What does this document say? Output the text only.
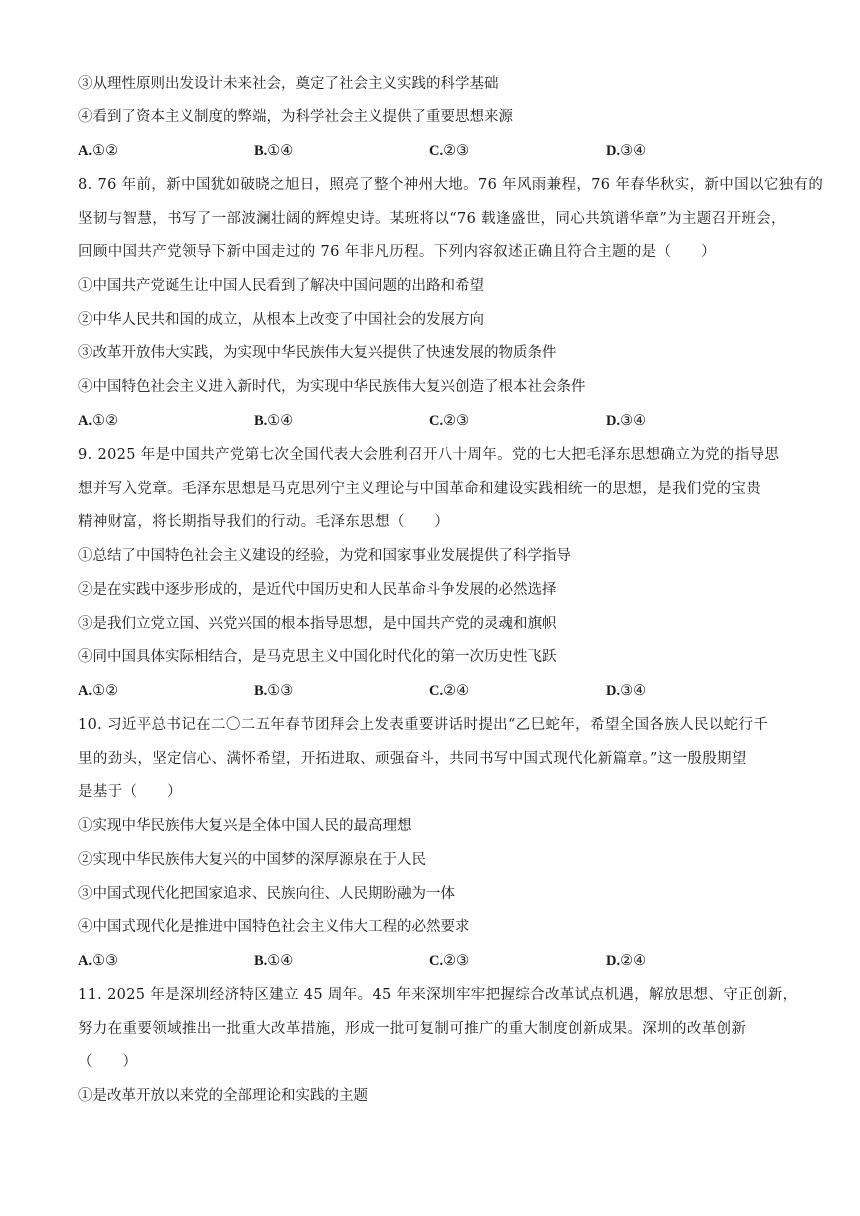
③从理性原则出发设计未来社会，奠定了社会主义实践的科学基础
④看到了资本主义制度的弊端，为科学社会主义提供了重要思想来源
A.①②	B.①④	C.②③	D.③④
8. 76 年前，新中国犹如破晓之旭日，照亮了整个神州大地。76 年风雨兼程，76 年春华秋实，新中国以它独有的
坚韧与智慧，书写了一部波澜壮阔的辉煌史诗。某班将以“76 载逢盛世，同心共筑谱华章”为主题召开班会，
回顾中国共产党领导下新中国走过的 76 年非凡历程。下列内容叙述正确且符合主题的是（　　）
①中国共产党诞生让中国人民看到了解决中国问题的出路和希望
②中华人民共和国的成立，从根本上改变了中国社会的发展方向
③改革开放伟大实践，为实现中华民族伟大复兴提供了快速发展的物质条件
④中国特色社会主义进入新时代，为实现中华民族伟大复兴创造了根本社会条件
A.①②	B.①④	C.②③	D.③④
9. 2025 年是中国共产党第七次全国代表大会胜利召开八十周年。党的七大把毛泽东思想确立为党的指导思
想并写入党章。毛泽东思想是马克思列宁主义理论与中国革命和建设实践相统一的思想，是我们党的宝贵
精神财富，将长期指导我们的行动。毛泽东思想（　　）
①总结了中国特色社会主义建设的经验，为党和国家事业发展提供了科学指导
②是在实践中逐步形成的，是近代中国历史和人民革命斗争发展的必然选择
③是我们立党立国、兴党兴国的根本指导思想，是中国共产党的灵魂和旗帜
④同中国具体实际相结合，是马克思主义中国化时代化的第一次历史性飞跃
A.①②	B.①③	C.②④	D.③④
10. 习近平总书记在二〇二五年春节团拜会上发表重要讲话时提出“乙巳蛇年，希望全国各族人民以蛇行千
里的劲头，坚定信心、满怀希望，开拓进取、顽强奋斗，共同书写中国式现代化新篇章。”这一殷殷期望
是基于（　　）
①实现中华民族伟大复兴是全体中国人民的最高理想
②实现中华民族伟大复兴的中国梦的深厚源泉在于人民
③中国式现代化把国家追求、民族向往、人民期盼融为一体
④中国式现代化是推进中国特色社会主义伟大工程的必然要求
A.①③	B.①④	C.②③	D.②④
11. 2025 年是深圳经济特区建立 45 周年。45 年来深圳牢牢把握综合改革试点机遇，解放思想、守正创新，
努力在重要领域推出一批重大改革措施，形成一批可复制可推广的重大制度创新成果。深圳的改革创新
（　　）
①是改革开放以来党的全部理论和实践的主题
